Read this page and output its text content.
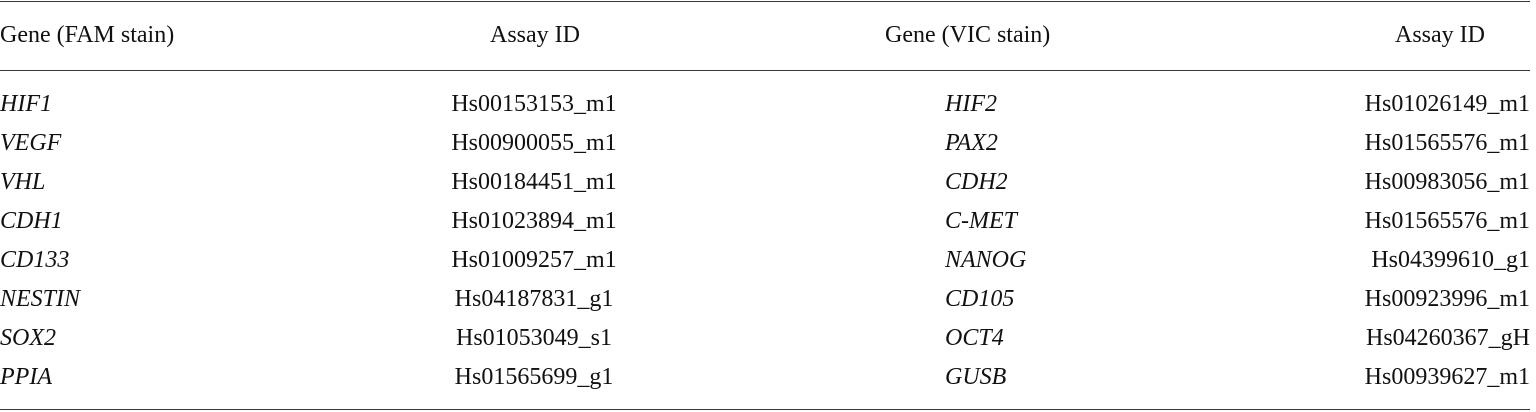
Gene (FAM stain)	Assay ID	Gene (VIC stain)	Assay ID
HIF1	Hs00153153_m1	HIF2	Hs01026149_m1
VEGF	Hs00900055_m1	PAX2	Hs01565576_m1
VHL	Hs00184451_m1	CDH2	Hs00983056_m1
CDH1	Hs01023894_m1	C-MET	Hs01565576_m1
CD133	Hs01009257_m1	NANOG	Hs04399610_g1
NESTIN	Hs04187831_g1	CD105	Hs00923996_m1
SOX2	Hs01053049_s1	OCT4	Hs04260367_gH
PPIA	Hs01565699_g1	GUSB	Hs00939627_m1
